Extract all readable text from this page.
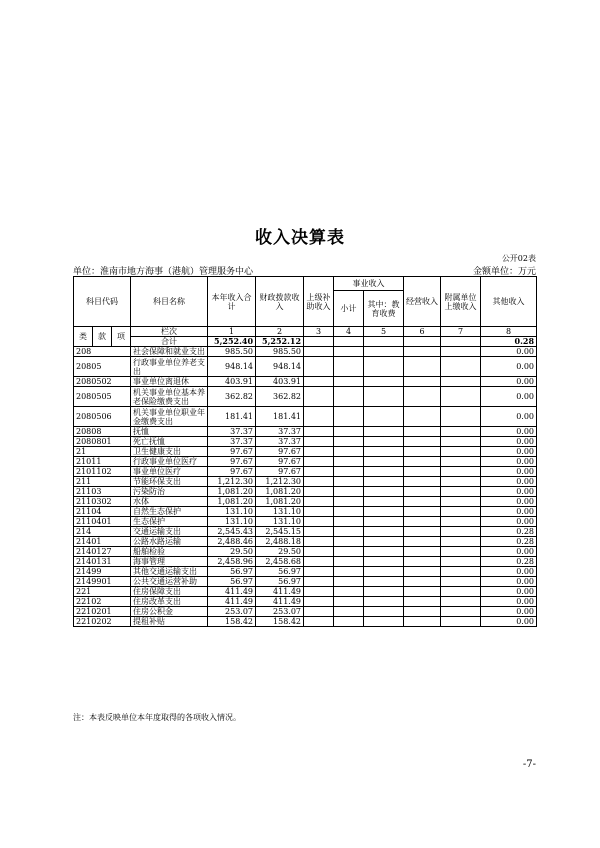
收入决算表
公开02表
单位：淮南市地方海事（港航）管理服务中心	金额单位：万元
科目代码			科目名称	本年收入合计	财政拨款收入	上级补助收入	事业收入		经营收入	附属单位上缴收入	其他收入
							小计	其中：教育收费			

类	款	项	栏次	1	2	3	4	5	6	7	8
			合计	5,252.40	5,252.12						0.28
208			社会保障和就业支出	985.50	985.50						0.00
20805			行政事业单位养老支出	948.14	948.14						0.00
2080502			事业单位离退休	403.91	403.91						0.00
2080505			机关事业单位基本养老保险缴费支出	362.82	362.82						0.00
2080506			机关事业单位职业年金缴费支出	181.41	181.41						0.00
20808			抚恤	37.37	37.37						0.00
2080801			死亡抚恤	37.37	37.37						0.00
21			卫生健康支出	97.67	97.67						0.00
21011			行政事业单位医疗	97.67	97.67						0.00
2101102			事业单位医疗	97.67	97.67						0.00
211			节能环保支出	1,212.30	1,212.30						0.00
21103			污染防治	1,081.20	1,081.20						0.00
2110302			水体	1,081.20	1,081.20						0.00
21104			自然生态保护	131.10	131.10						0.00
2110401			生态保护	131.10	131.10						0.00
214			交通运输支出	2,545.43	2,545.15						0.28
21401			公路水路运输	2,488.46	2,488.18						0.28
2140127			船舶检验	29.50	29.50						0.00
2140131			海事管理	2,458.96	2,458.68						0.28
21499			其他交通运输支出	56.97	56.97						0.00
2149901			公共交通运营补助	56.97	56.97						0.00
221			住房保障支出	411.49	411.49						0.00
22102			住房改革支出	411.49	411.49						0.00
2210201			住房公积金	253.07	253.07						0.00
2210202			提租补贴	158.42	158.42						0.00
注：本表反映单位本年度取得的各项收入情况。
-7-
